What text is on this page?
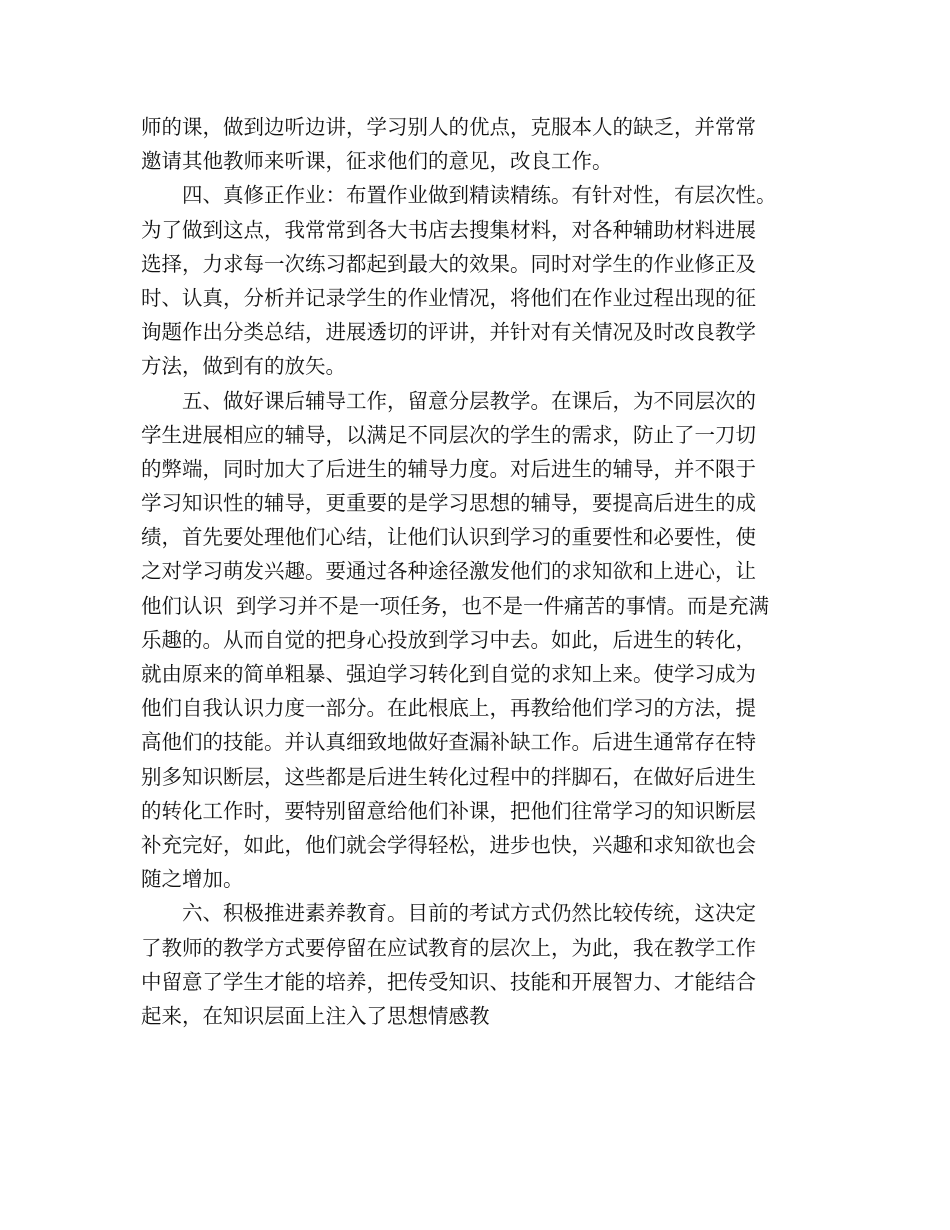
师的课，做到边听边讲，学习别人的优点，克服本人的缺乏，并常常
邀请其他教师来听课，征求他们的意见，改良工作。
　　四、真修正作业：布置作业做到精读精练。有针对性，有层次性。
为了做到这点，我常常到各大书店去搜集材料，对各种辅助材料进展
选择，力求每一次练习都起到最大的效果。同时对学生的作业修正及
时、认真，分析并记录学生的作业情况，将他们在作业过程出现的征
询题作出分类总结，进展透切的评讲，并针对有关情况及时改良教学
方法，做到有的放矢。
　　五、做好课后辅导工作，留意分层教学。在课后，为不同层次的
学生进展相应的辅导，以满足不同层次的学生的需求，防止了一刀切
的弊端，同时加大了后进生的辅导力度。对后进生的辅导，并不限于
学习知识性的辅导，更重要的是学习思想的辅导，要提高后进生的成
绩，首先要处理他们心结，让他们认识到学习的重要性和必要性，使
之对学习萌发兴趣。要通过各种途径激发他们的求知欲和上进心，让
他们认识  到学习并不是一项任务，也不是一件痛苦的事情。而是充满
乐趣的。从而自觉的把身心投放到学习中去。如此，后进生的转化，
就由原来的简单粗暴、强迫学习转化到自觉的求知上来。使学习成为
他们自我认识力度一部分。在此根底上，再教给他们学习的方法，提
高他们的技能。并认真细致地做好查漏补缺工作。后进生通常存在特
别多知识断层，这些都是后进生转化过程中的拌脚石，在做好后进生
的转化工作时，要特别留意给他们补课，把他们往常学习的知识断层
补充完好，如此，他们就会学得轻松，进步也快，兴趣和求知欲也会
随之增加。
　　六、积极推进素养教育。目前的考试方式仍然比较传统，这决定
了教师的教学方式要停留在应试教育的层次上，为此，我在教学工作
中留意了学生才能的培养，把传受知识、技能和开展智力、才能结合
起来，在知识层面上注入了思想情感教
